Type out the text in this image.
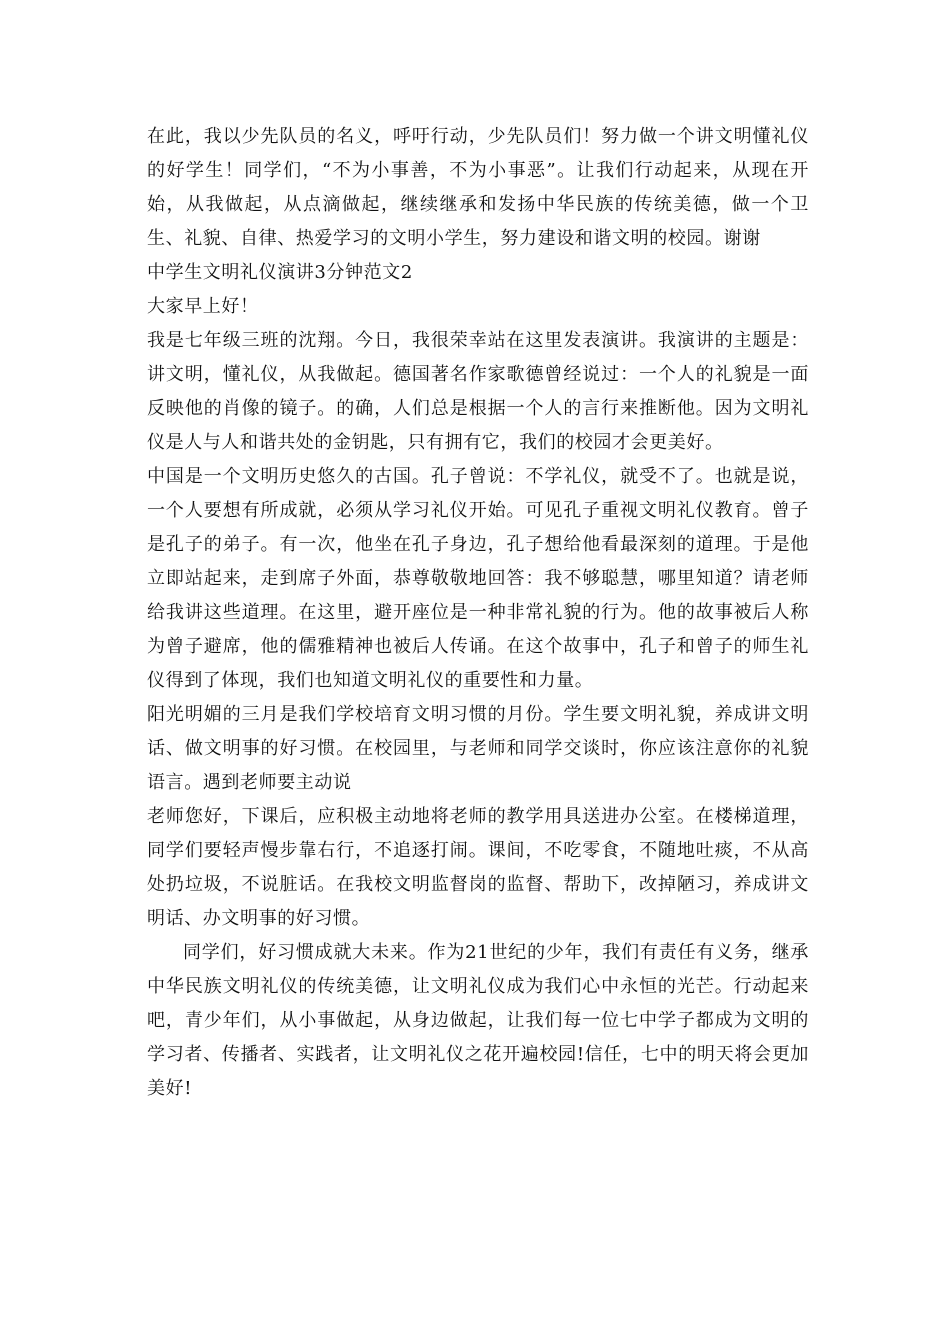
在此，我以少先队员的名义，呼吁行动，少先队员们！努力做一个讲文明懂礼仪的好学生！同学们，“不为小事善，不为小事恶”。让我们行动起来，从现在开始，从我做起，从点滴做起，继续继承和发扬中华民族的传统美德，做一个卫生、礼貌、自律、热爱学习的文明小学生，努力建设和谐文明的校园。谢谢

中学生文明礼仪演讲3分钟范文2

大家早上好！

我是七年级三班的沈翔。今日，我很荣幸站在这里发表演讲。我演讲的主题是：讲文明，懂礼仪，从我做起。德国著名作家歌德曾经说过：一个人的礼貌是一面反映他的肖像的镜子。的确，人们总是根据一个人的言行来推断他。因为文明礼仪是人与人和谐共处的金钥匙，只有拥有它，我们的校园才会更美好。

中国是一个文明历史悠久的古国。孔子曾说：不学礼仪，就受不了。也就是说，一个人要想有所成就，必须从学习礼仪开始。可见孔子重视文明礼仪教育。曾子是孔子的弟子。有一次，他坐在孔子身边，孔子想给他看最深刻的道理。于是他立即站起来，走到席子外面，恭尊敬敬地回答：我不够聪慧，哪里知道？请老师给我讲这些道理。在这里，避开座位是一种非常礼貌的行为。他的故事被后人称为曾子避席，他的儒雅精神也被后人传诵。在这个故事中，孔子和曾子的师生礼仪得到了体现，我们也知道文明礼仪的重要性和力量。

阳光明媚的三月是我们学校培育文明习惯的月份。学生要文明礼貌，养成讲文明话、做文明事的好习惯。在校园里，与老师和同学交谈时，你应该注意你的礼貌语言。遇到老师要主动说

老师您好，下课后，应积极主动地将老师的教学用具送进办公室。在楼梯道理，同学们要轻声慢步靠右行，不追逐打闹。课间，不吃零食，不随地吐痰，不从高处扔垃圾，不说脏话。在我校文明监督岗的监督、帮助下，改掉陋习，养成讲文明话、办文明事的好习惯。

同学们，好习惯成就大未来。作为21世纪的少年，我们有责任有义务，继承中华民族文明礼仪的传统美德，让文明礼仪成为我们心中永恒的光芒。行动起来吧，青少年们，从小事做起，从身边做起，让我们每一位七中学子都成为文明的学习者、传播者、实践者，让文明礼仪之花开遍校园!信任，七中的明天将会更加美好!
